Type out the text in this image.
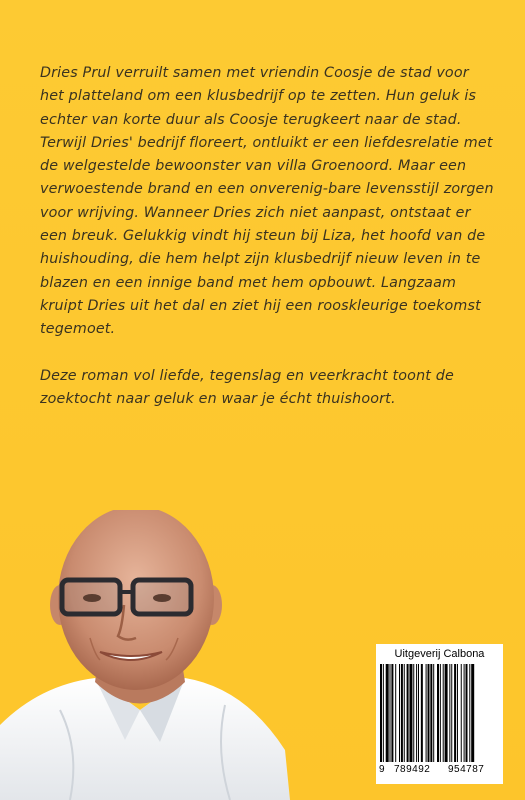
Dries Prul verruilt samen met vriendin Coosje de stad voor het platteland om een klusbedrijf op te zetten. Hun geluk is echter van korte duur als Coosje terugkeert naar de stad. Terwijl Dries' bedrijf floreert, ontluikt er een liefdesrelatie met de welgestelde bewoonster van villa Groenoord. Maar een verwoestende brand en een onverenig-bare levensstijl zorgen voor wrijving. Wanneer Dries zich niet aanpast, ontstaat er een breuk. Gelukkig vindt hij steun bij Liza, het hoofd van de huishouding, die hem helpt zijn klusbedrijf nieuw leven in te blazen en een innige band met hem opbouwt. Langzaam kruipt Dries uit het dal en ziet hij een rooskleurige toekomst tegemoet.

Deze roman vol liefde, tegenslag en veerkracht toont de zoektocht naar geluk en waar je écht thuishoort.

Uitgeverij Calbona
9 789492 954787
